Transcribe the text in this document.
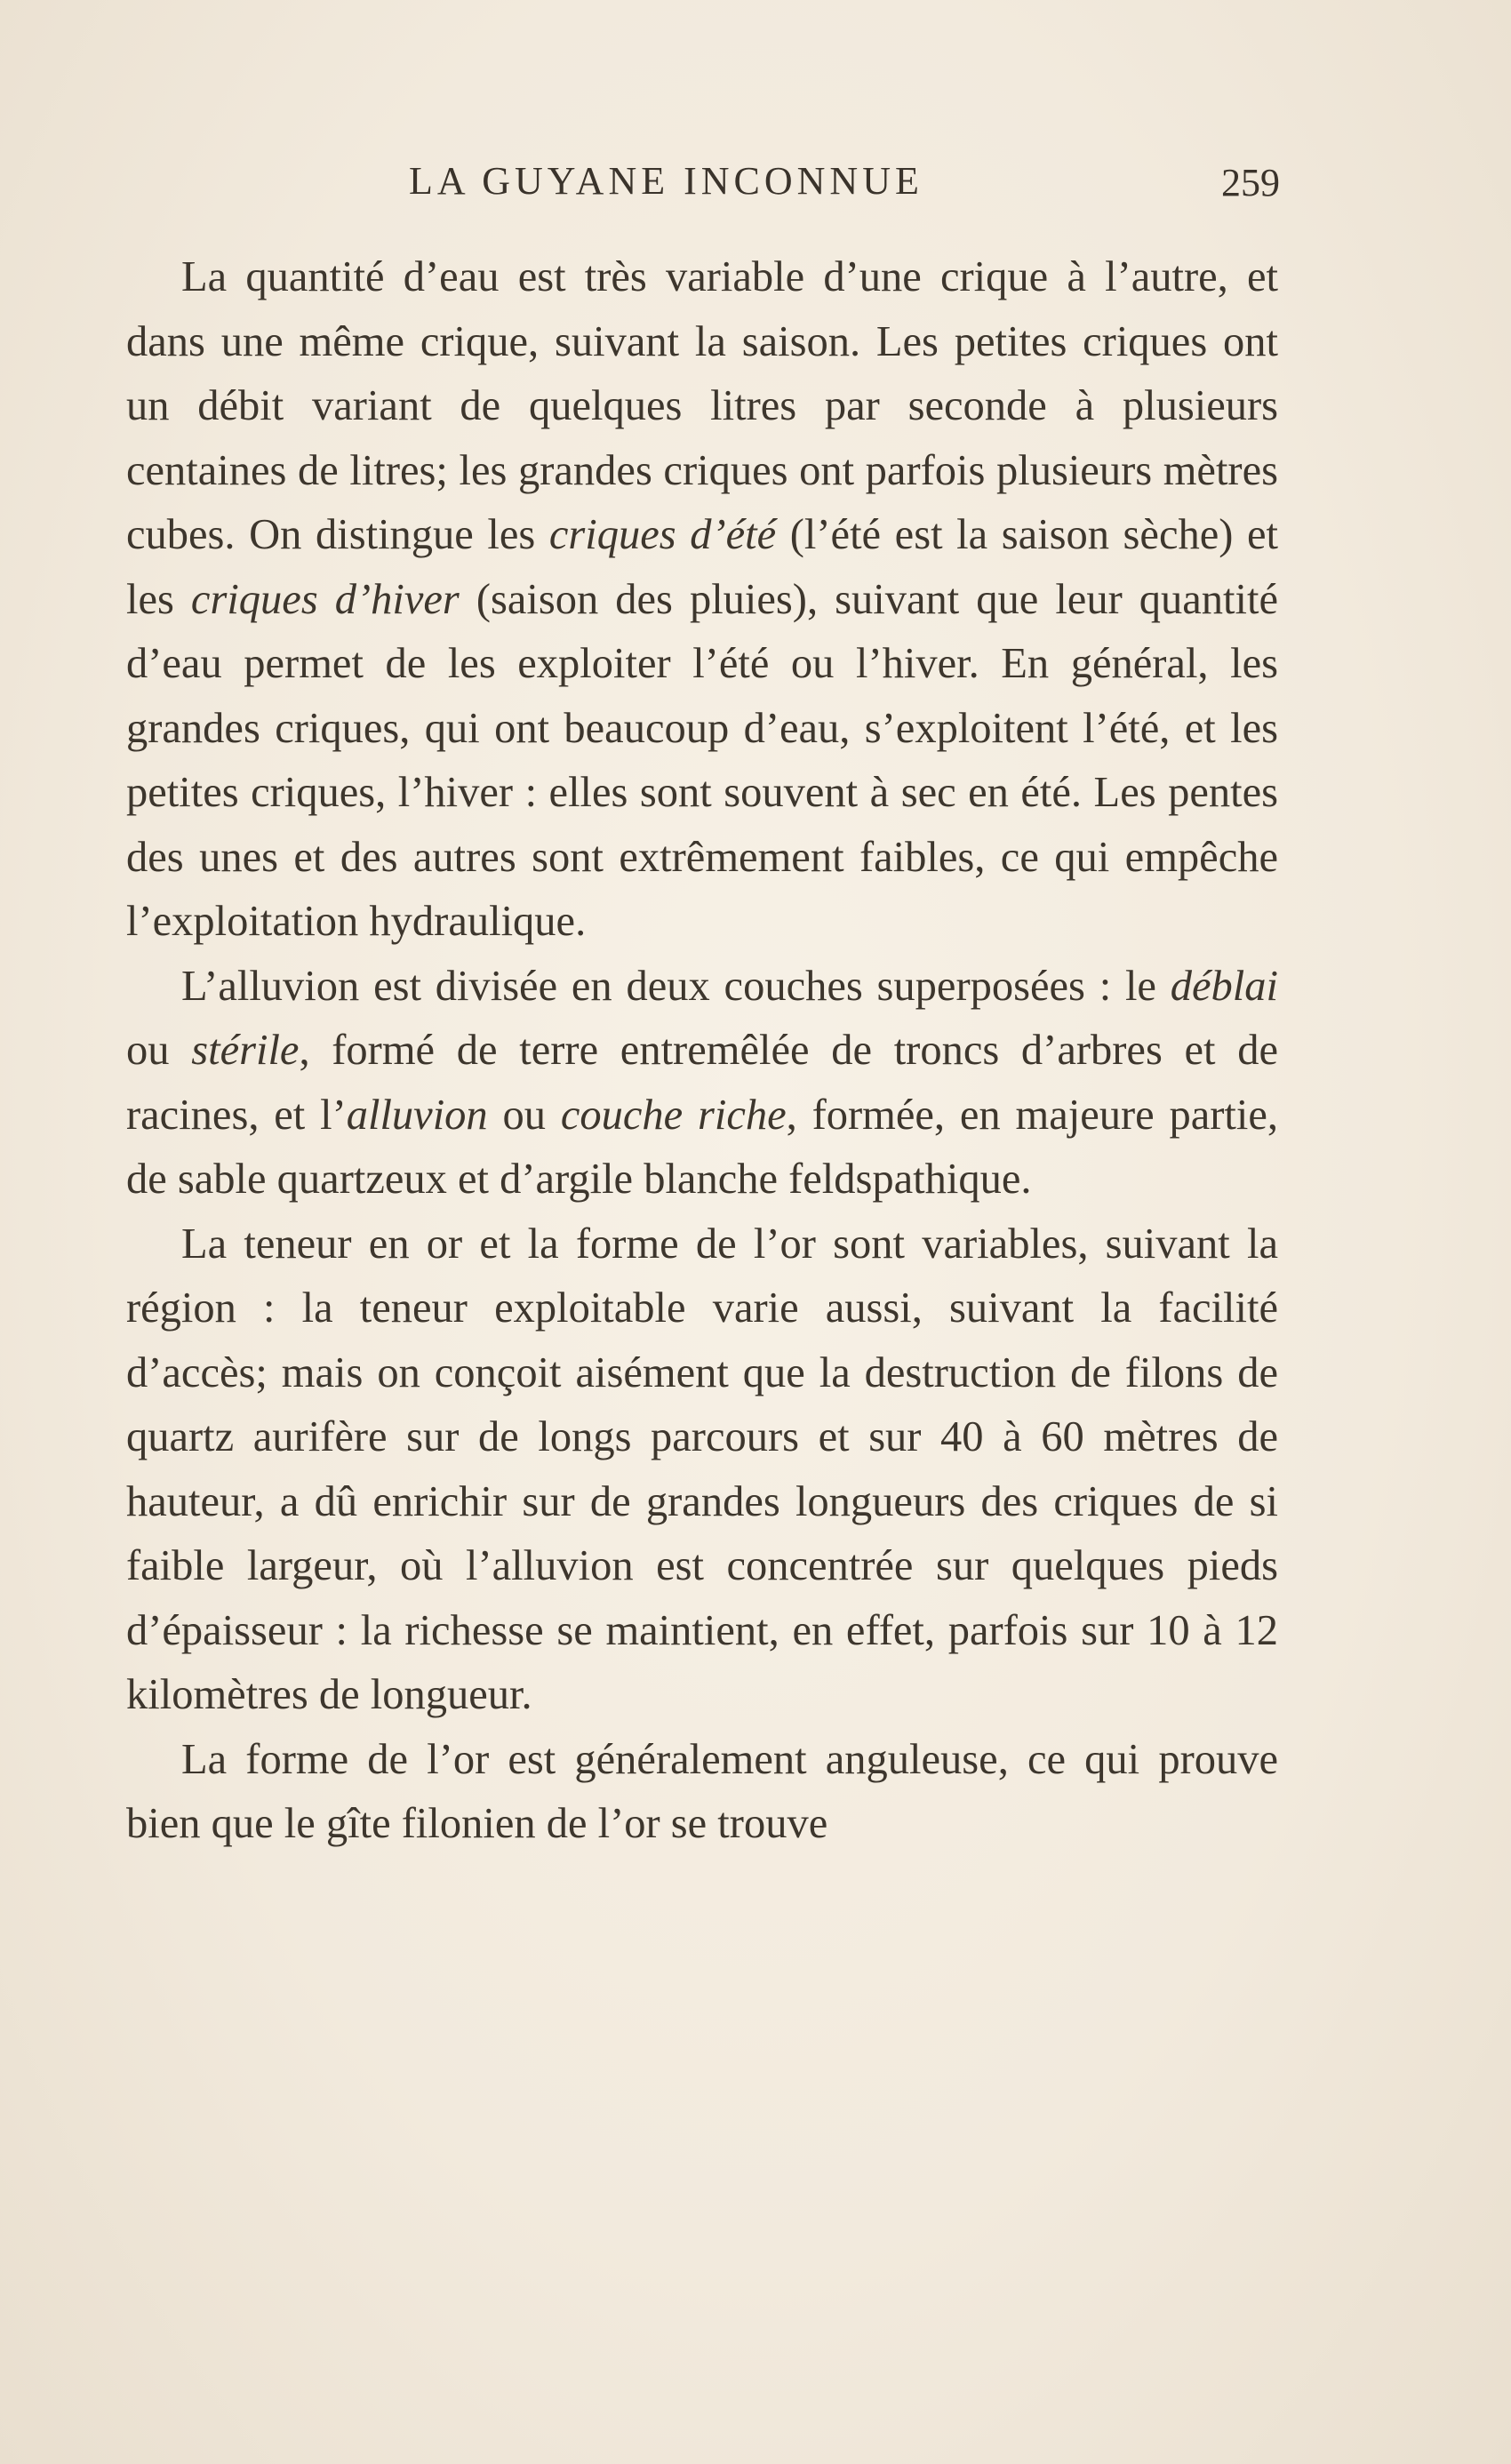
LA GUYANE INCONNUE	259

La quantité d’eau est très variable d’une crique à l’autre, et dans une même crique, suivant la saison. Les petites criques ont un débit variant de quelques litres par seconde à plusieurs centaines de litres; les grandes criques ont parfois plusieurs mètres cubes. On distingue les criques d’été (l’été est la saison sèche) et les criques d’hiver (saison des pluies), suivant que leur quantité d’eau permet de les exploiter l’été ou l’hiver. En général, les grandes criques, qui ont beaucoup d’eau, s’exploitent l’été, et les petites criques, l’hiver : elles sont souvent à sec en été. Les pentes des unes et des autres sont extrêmement faibles, ce qui empêche l’exploitation hydraulique.

L’alluvion est divisée en deux couches superposées : le déblai ou stérile, formé de terre entremêlée de troncs d’arbres et de racines, et l’alluvion ou couche riche, formée, en majeure partie, de sable quartzeux et d’argile blanche feldspathique.

La teneur en or et la forme de l’or sont variables, suivant la région : la teneur exploitable varie aussi, suivant la facilité d’accès; mais on conçoit aisément que la destruction de filons de quartz aurifère sur de longs parcours et sur 40 à 60 mètres de hauteur, a dû enrichir sur de grandes longueurs des criques de si faible largeur, où l’alluvion est concentrée sur quelques pieds d’épaisseur : la richesse se maintient, en effet, parfois sur 10 à 12 kilomètres de longueur.

La forme de l’or est généralement anguleuse, ce qui prouve bien que le gîte filonien de l’or se trouve
